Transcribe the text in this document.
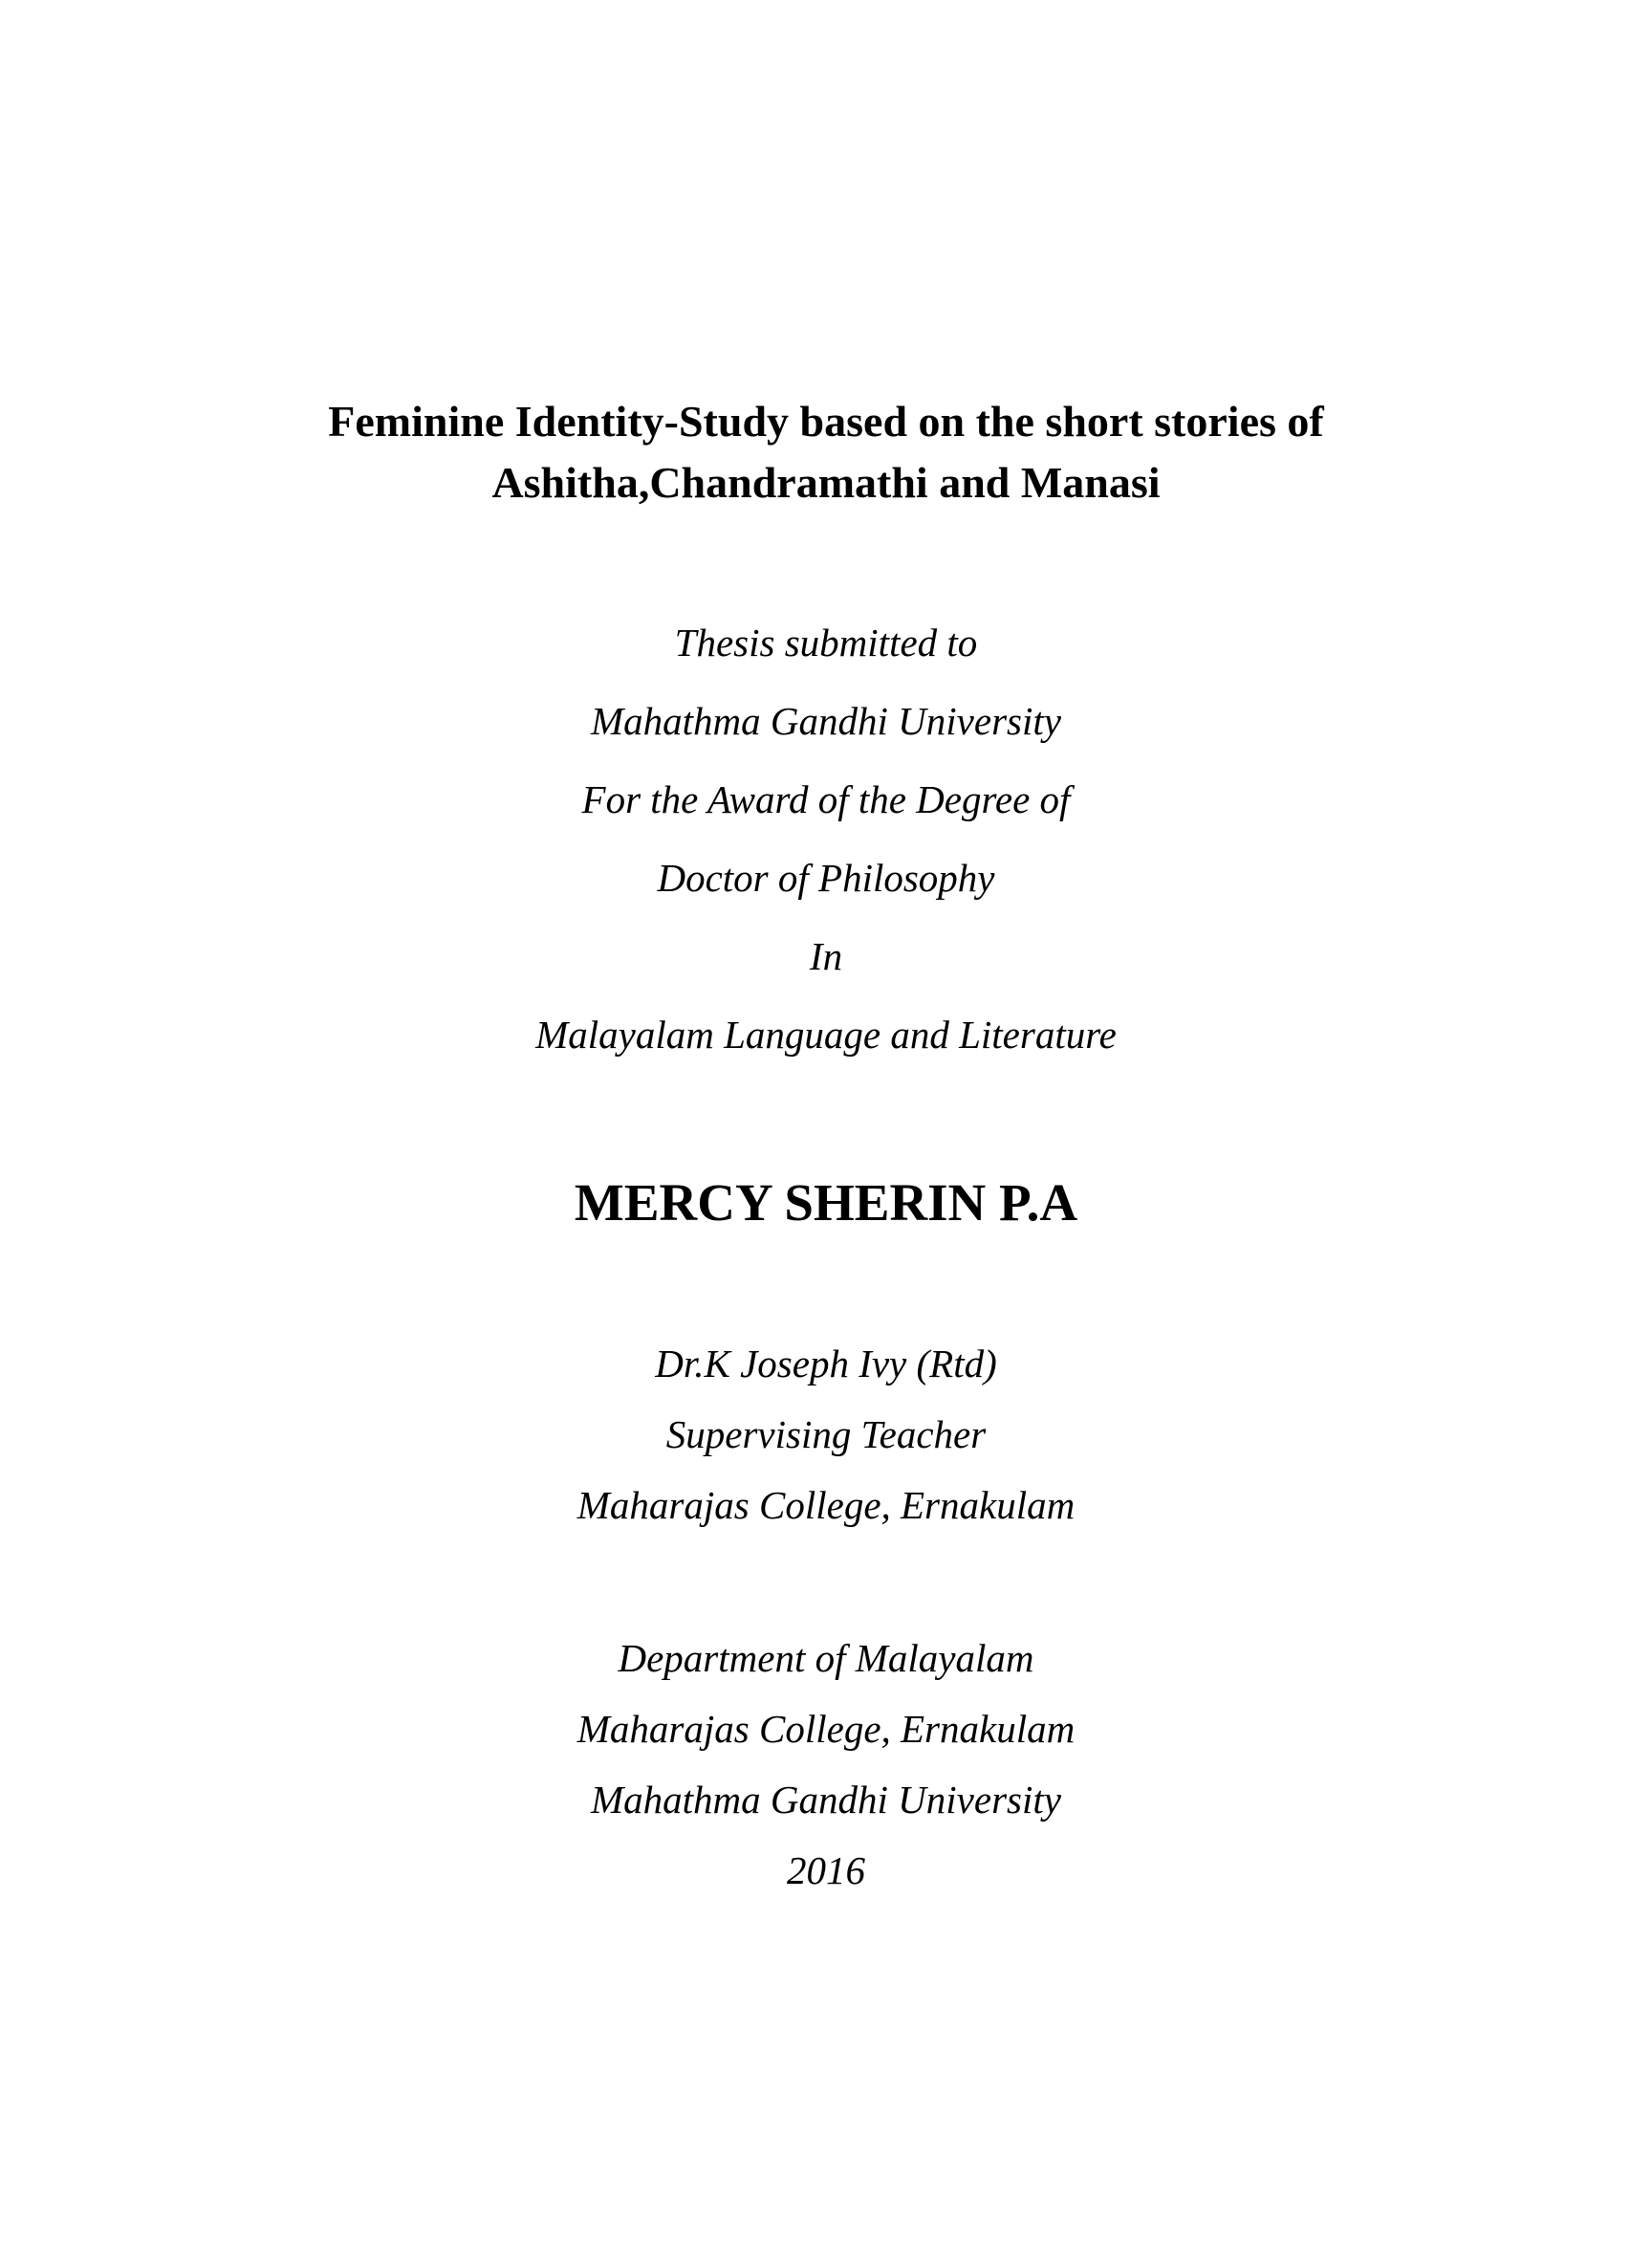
Feminine Identity-Study based on the short stories of
Ashitha,Chandramathi and Manasi
Thesis submitted to
Mahathma Gandhi University
For the Award of the Degree of
Doctor of Philosophy
In
Malayalam Language and Literature
MERCY SHERIN P.A
Dr.K Joseph Ivy (Rtd)
Supervising Teacher
Maharajas College, Ernakulam
Department of Malayalam
Maharajas College, Ernakulam
Mahathma Gandhi University
2016
